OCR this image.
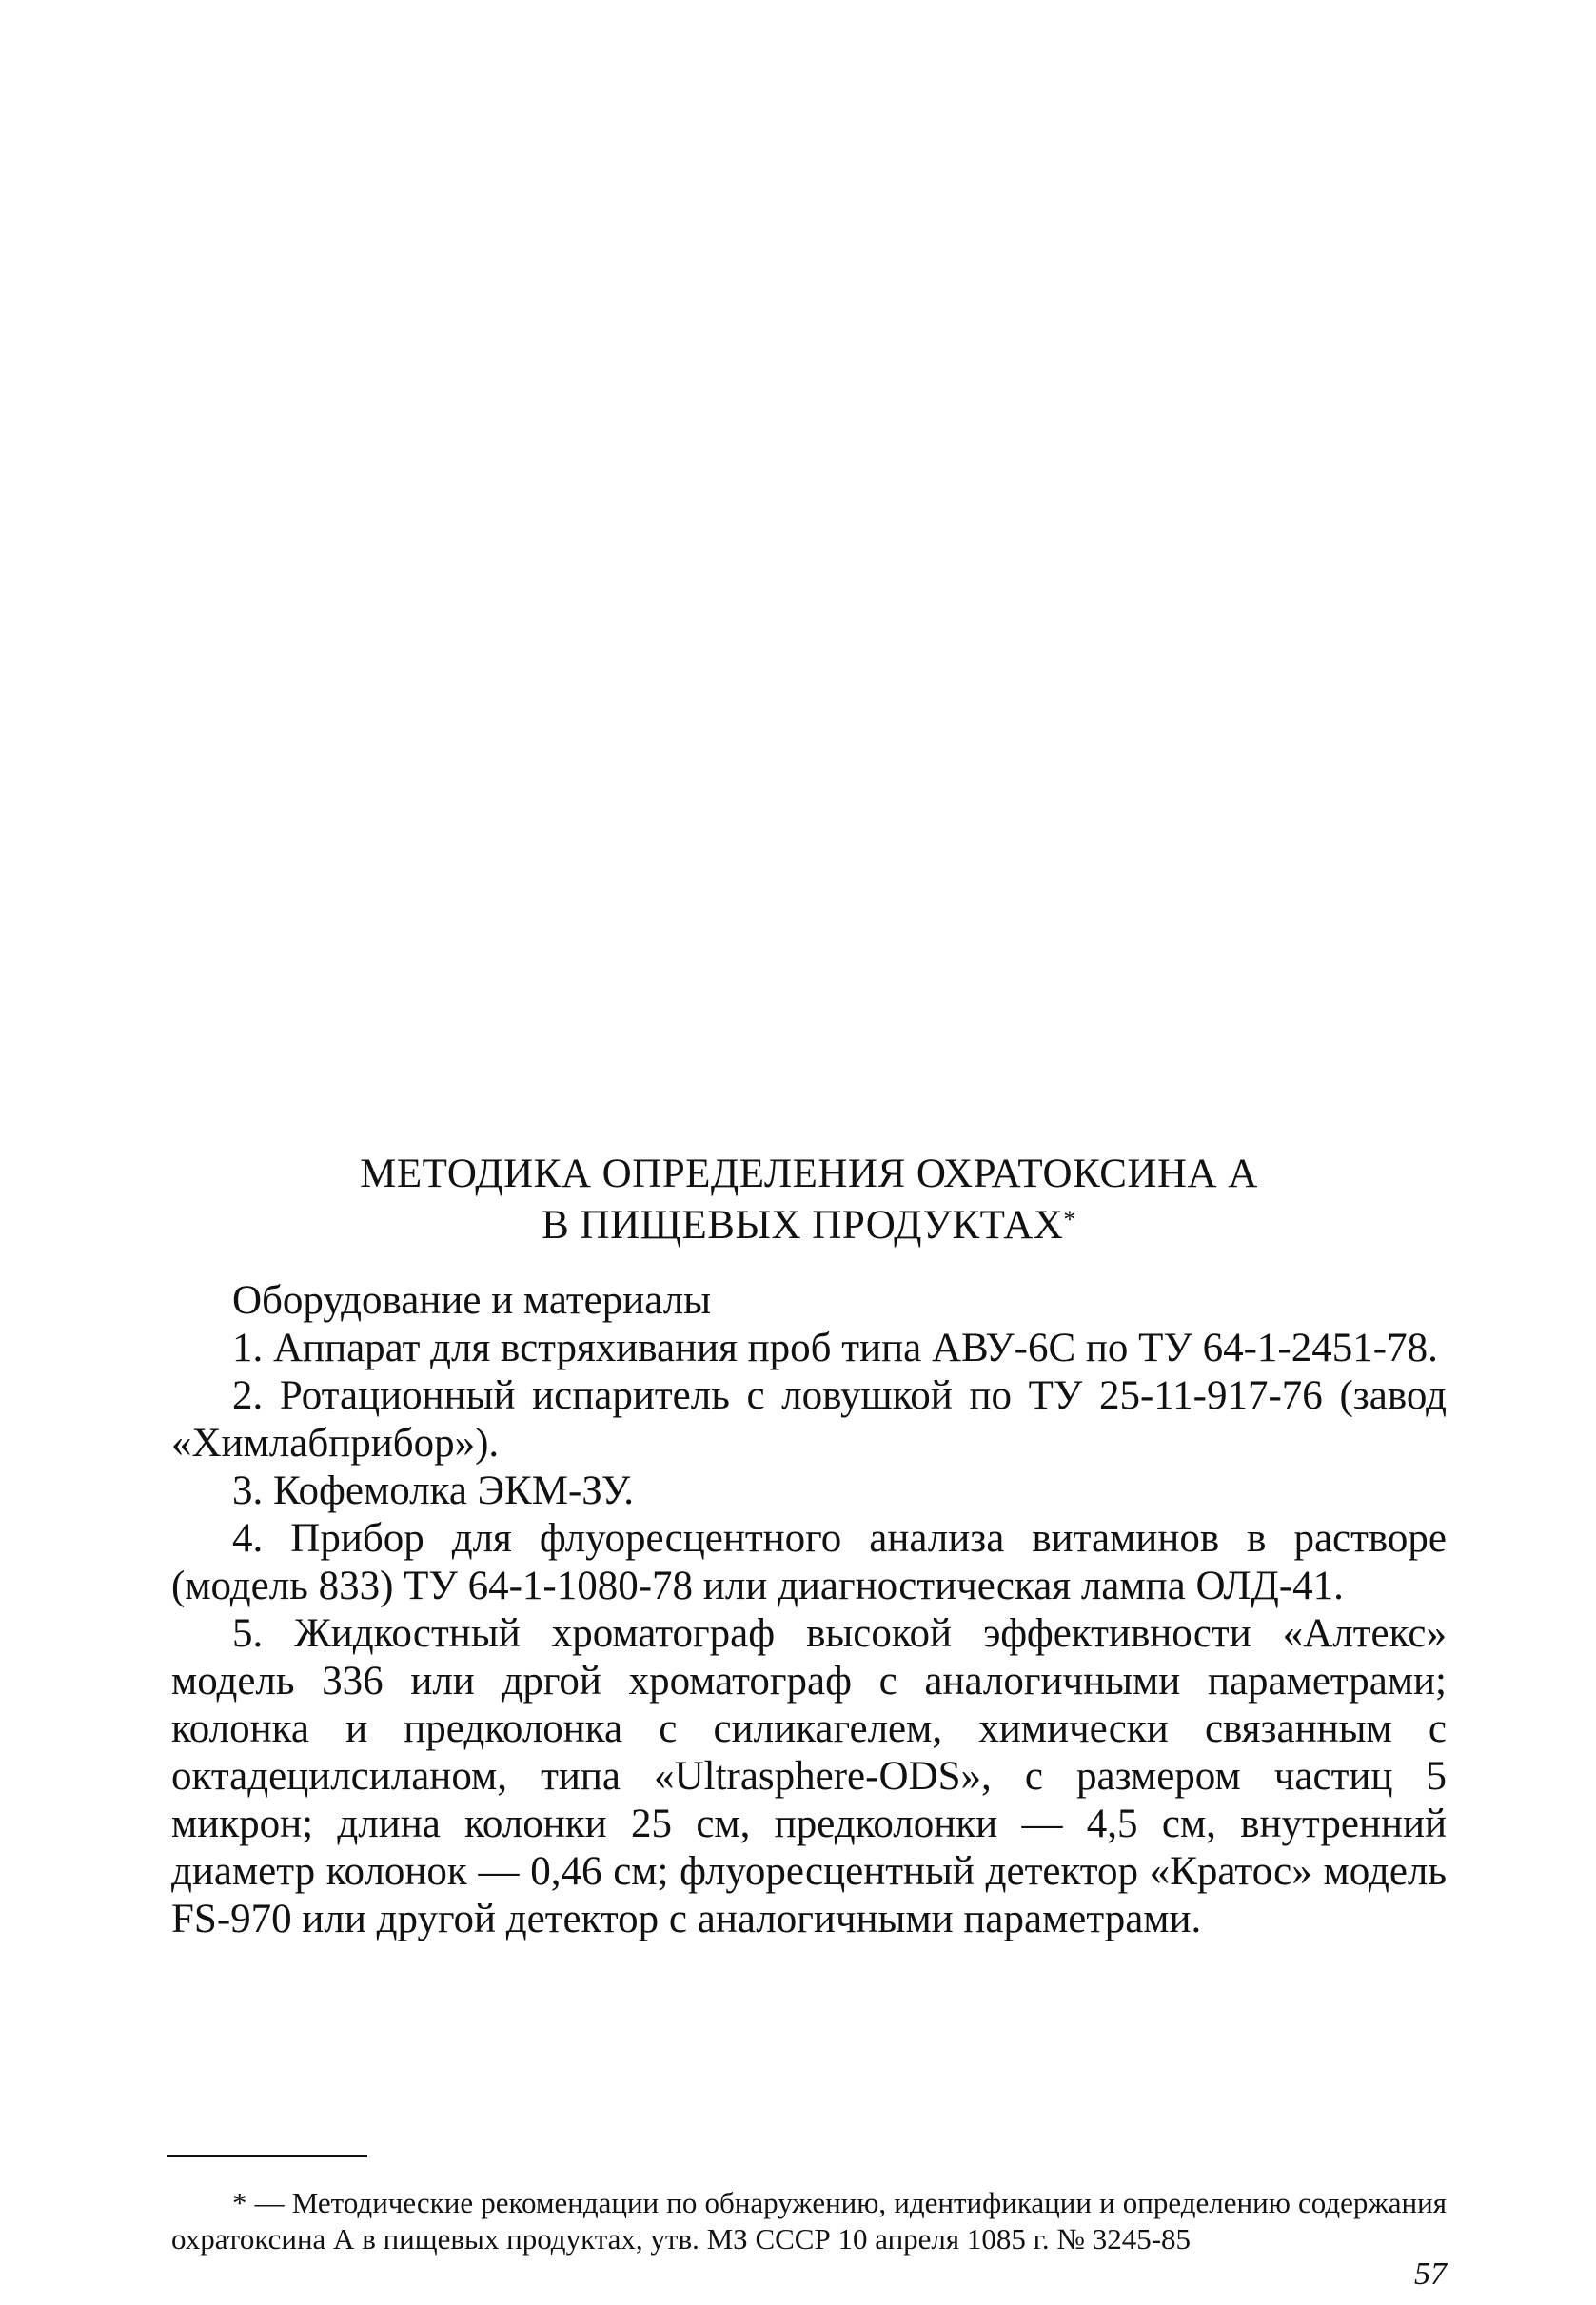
МЕТОДИКА ОПРЕДЕЛЕНИЯ ОХРАТОКСИНА А
В ПИЩЕВЫХ ПРОДУКТАХ*

Оборудование и материалы

1. Аппарат для встряхивания проб типа АВУ-6С по ТУ 64-1-2451-78.

2. Ротационный испаритель с ловушкой по ТУ 25-11-917-76 (завод «Химлабприбор»).

3. Кофемолка ЭКМ-ЗУ.

4. Прибор для флуоресцентного анализа витаминов в растворе (модель 833) ТУ 64-1-1080-78 или диагностическая лампа ОЛД-41.

5. Жидкостный хроматограф высокой эффективности «Алтекс» модель 336 или дргой хроматограф с аналогичными параметрами; колонка и предколонка с силикагелем, химически связанным с октадецилсиланом, типа «Ultrasphere-ODS», с размером частиц 5 микрон; длина колонки 25 см, предколонки — 4,5 см, внутренний диаметр колонок — 0,46 см; флуоресцентный детектор «Кратос» модель FS-970 или другой детектор с аналогичными параметрами.

* — Методические рекомендации по обнаружению, идентификации и определению содержания охратоксина А в пищевых продуктах, утв. МЗ СССР 10 апреля 1085 г. № 3245-85
57
